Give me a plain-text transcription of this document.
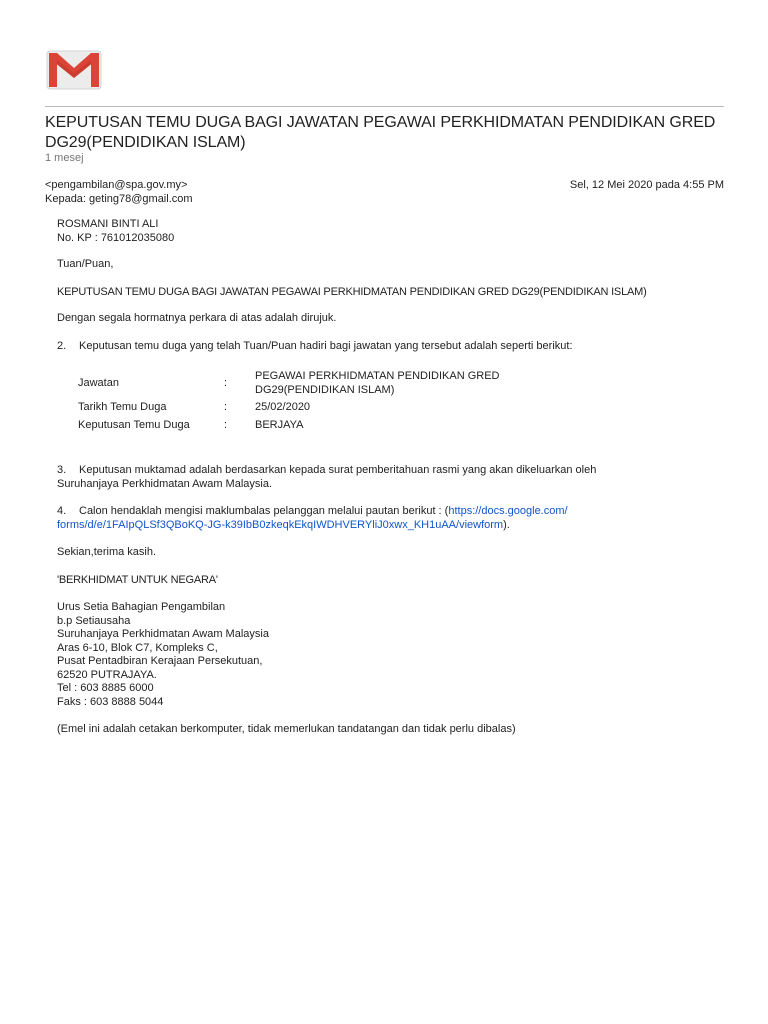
KEPUTUSAN TEMU DUGA BAGI JAWATAN PEGAWAI PERKHIDMATAN PENDIDIKAN GRED DG29(PENDIDIKAN ISLAM)
1 mesej
<pengambilan@spa.gov.my>
Kepada: geting78@gmail.com
Sel, 12 Mei 2020 pada 4:55 PM

ROSMANI BINTI ALI

No. KP : 761012035080

Tuan/Puan,

KEPUTUSAN TEMU DUGA BAGI JAWATAN PEGAWAI PERKHIDMATAN PENDIDIKAN GRED DG29(PENDIDIKAN ISLAM)

Dengan segala hormatnya perkara di atas adalah dirujuk.

2. Keputusan temu duga yang telah Tuan/Puan hadiri bagi jawatan yang tersebut adalah seperti berikut:

Jawatan	:
PEGAWAI PERKHIDMATAN PENDIDIKAN GRED
DG29(PENDIDIKAN ISLAM)
Tarikh Temu Duga	:	25/02/2020
Keputusan Temu Duga	:	BERJAYA

3. Keputusan muktamad adalah berdasarkan kepada surat pemberitahuan rasmi yang akan dikeluarkan oleh
Suruhanjaya Perkhidmatan Awam Malaysia.

4. Calon hendaklah mengisi maklumbalas pelanggan melalui pautan berikut : (https://docs.google.com/
forms/d/e/1FAIpQLSf3QBoKQ-JG-k39IbB0zkeqkEkqIWDHVERYliJ0xwx_KH1uAA/viewform).

Sekian,terima kasih.

'BERKHIDMAT UNTUK NEGARA'

Urus Setia Bahagian Pengambilan
b.p Setiausaha
Suruhanjaya Perkhidmatan Awam Malaysia
Aras 6-10, Blok C7, Kompleks C,
Pusat Pentadbiran Kerajaan Persekutuan,
62520 PUTRAJAYA.
Tel : 603 8885 6000
Faks : 603 8888 5044

(Emel ini adalah cetakan berkomputer, tidak memerlukan tandatangan dan tidak perlu dibalas)
